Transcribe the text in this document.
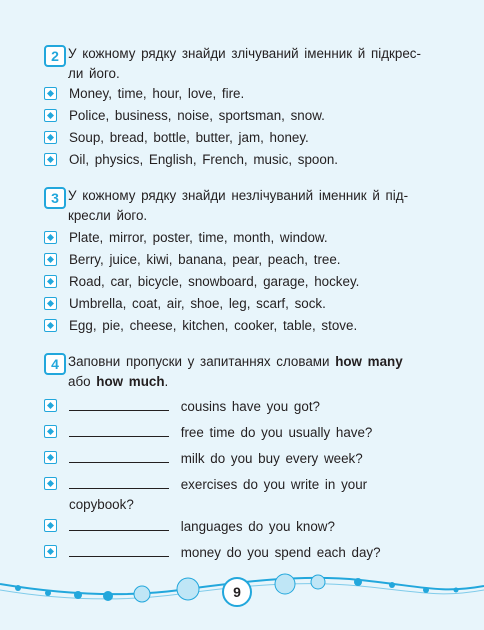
2 У кожному рядку знайди злічуваний іменник й підкрес-
ли його.
Money, time, hour, love, fire.
Police, business, noise, sportsman, snow.
Soup, bread, bottle, butter, jam, honey.
Oil, physics, English, French, music, spoon.
3 У кожному рядку знайди незлічуваний іменник й під-
кресли його.
Plate, mirror, poster, time, month, window.
Berry, juice, kiwi, banana, pear, peach, tree.
Road, car, bicycle, snowboard, garage, hockey.
Umbrella, coat, air, shoe, leg, scarf, sock.
Egg, pie, cheese, kitchen, cooker, table, stove.
4 Заповни пропуски у запитаннях словами how many
або how much.
cousins have you got?
free time do you usually have?
milk do you buy every week?
exercises do you write in your
copybook?
languages do you know?
money do you spend each day?
9
